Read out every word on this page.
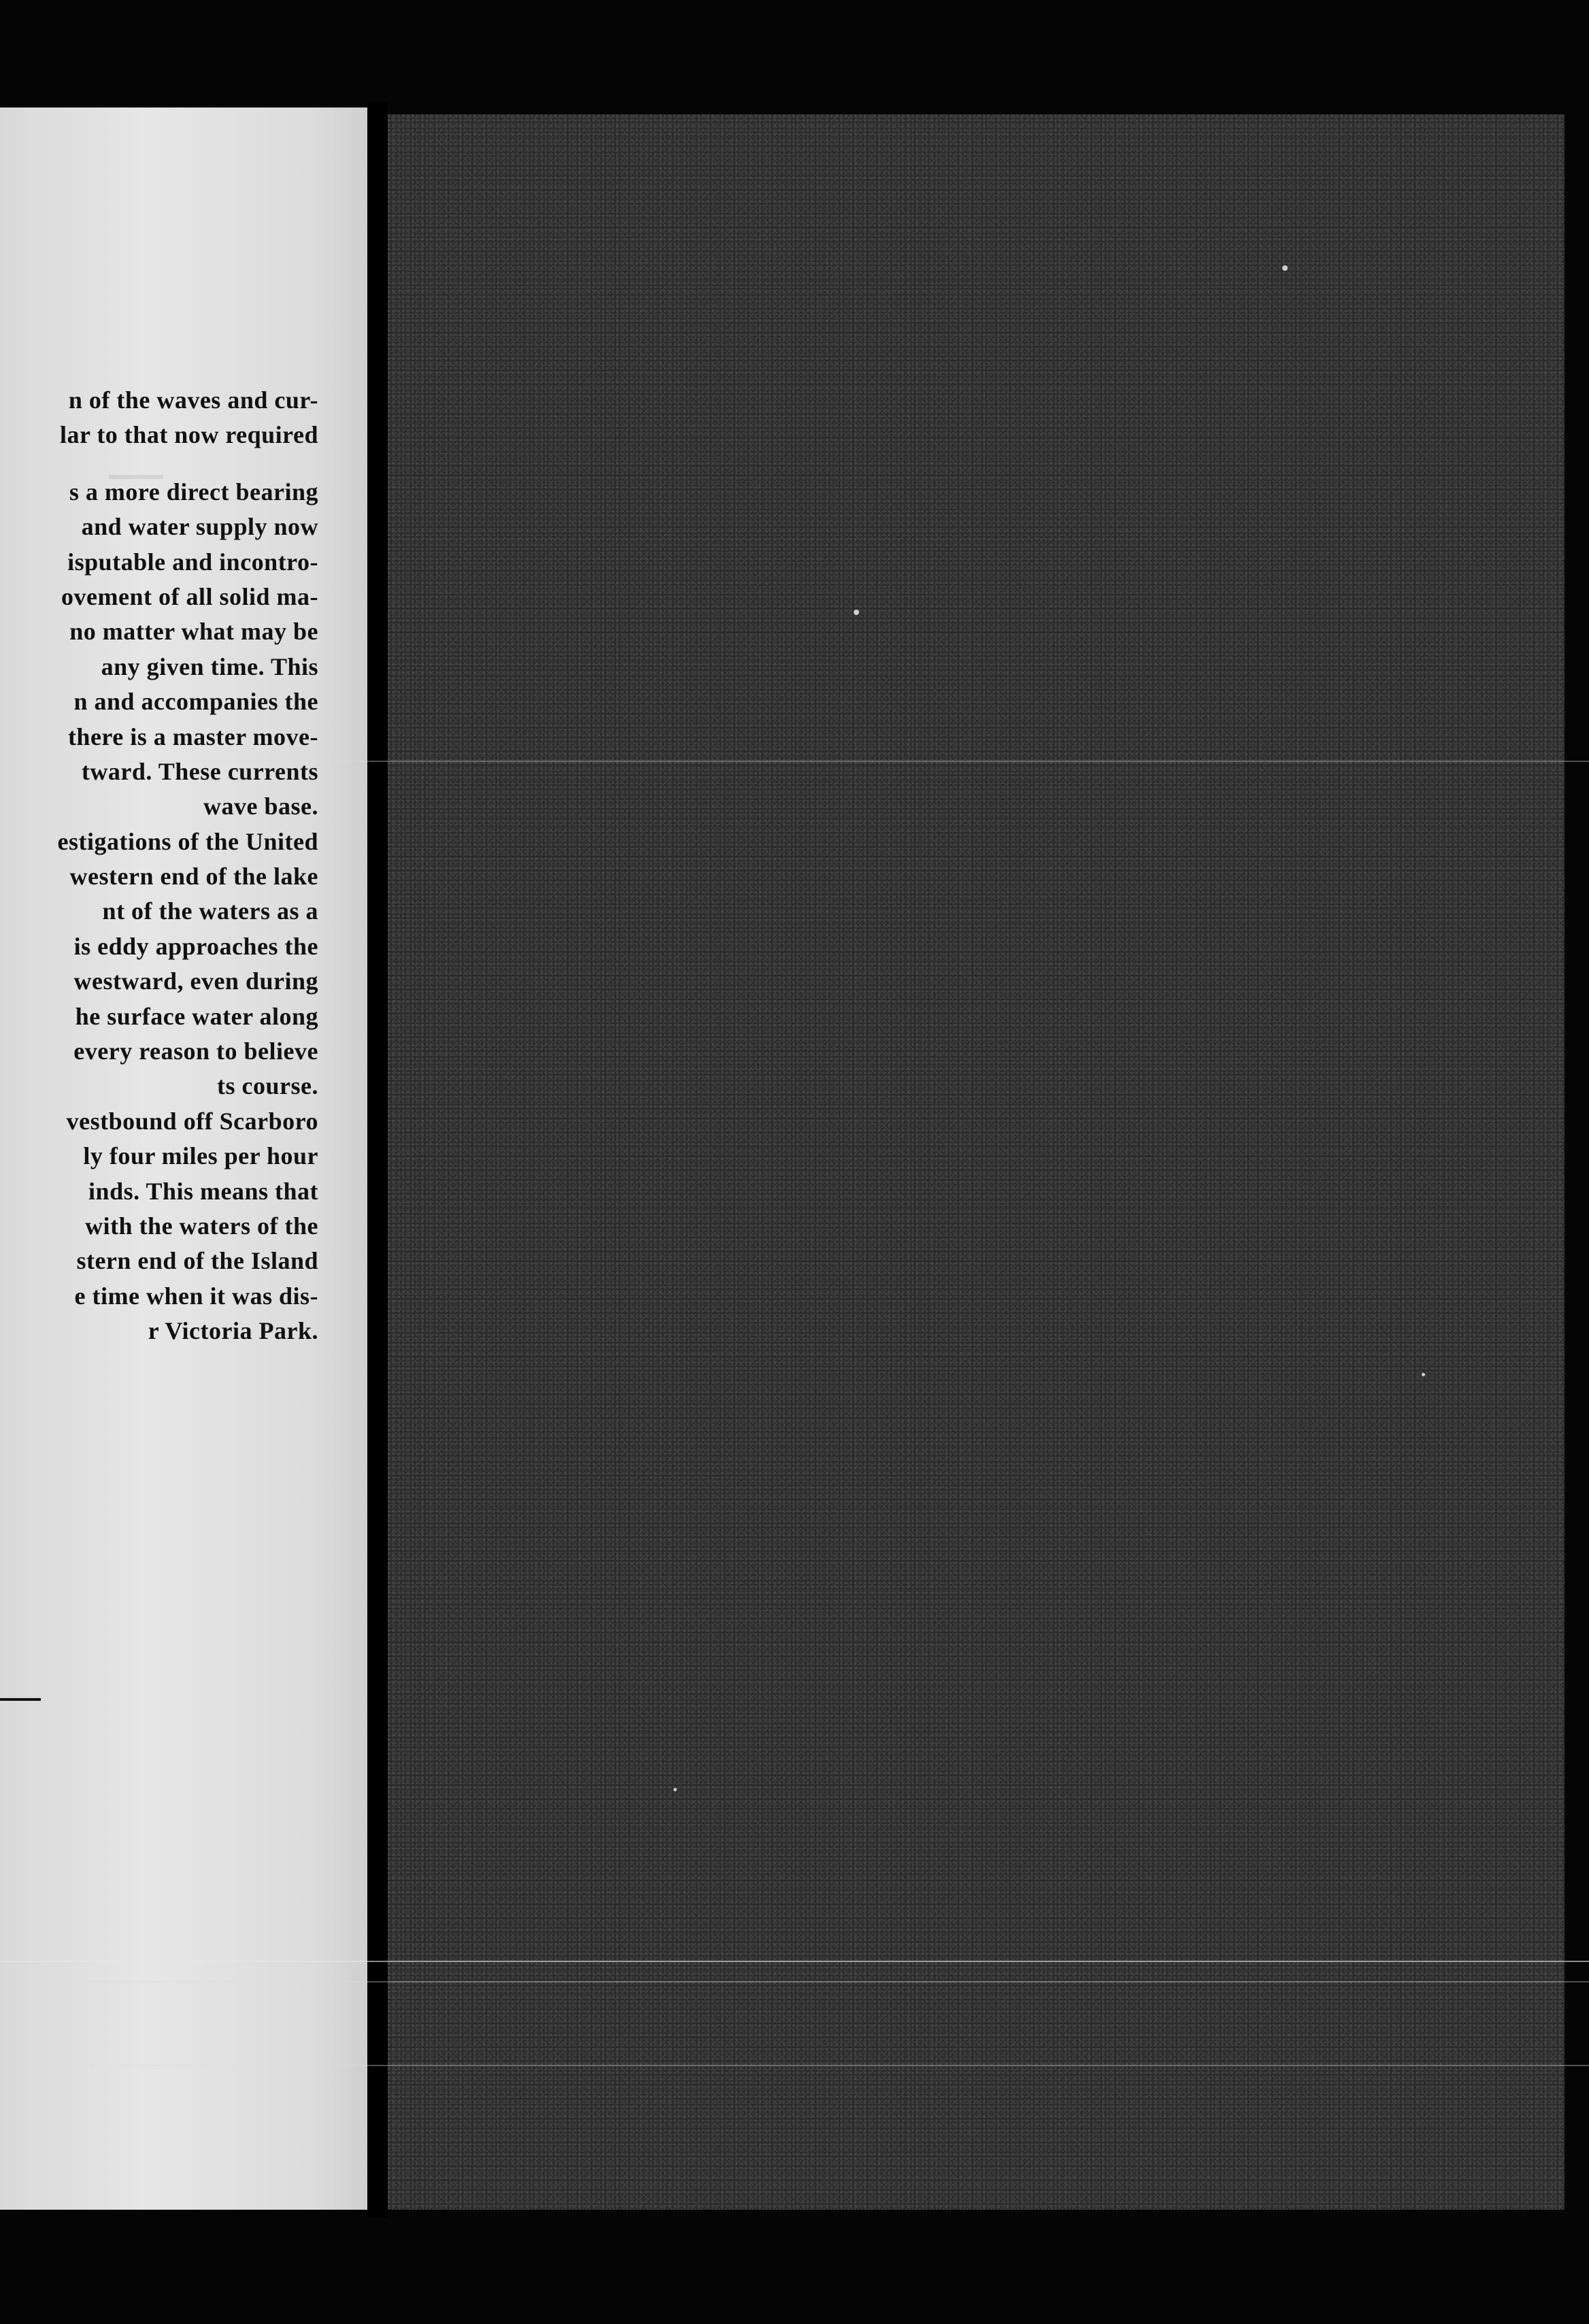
n of the waves and cur-
lar to that now required
s a more direct bearing
and water supply now
isputable and incontro-
ovement of all solid ma-
no matter what may be
any given time. This
n and accompanies the
there is a master move-
tward. These currents
wave base.
estigations of the United
western end of the lake
nt of the waters as a
is eddy approaches the
westward, even during
he surface water along
every reason to believe
ts course.
vestbound off Scarboro
ly four miles per hour
inds. This means that
with the waters of the
stern end of the Island
e time when it was dis-
r Victoria Park.
